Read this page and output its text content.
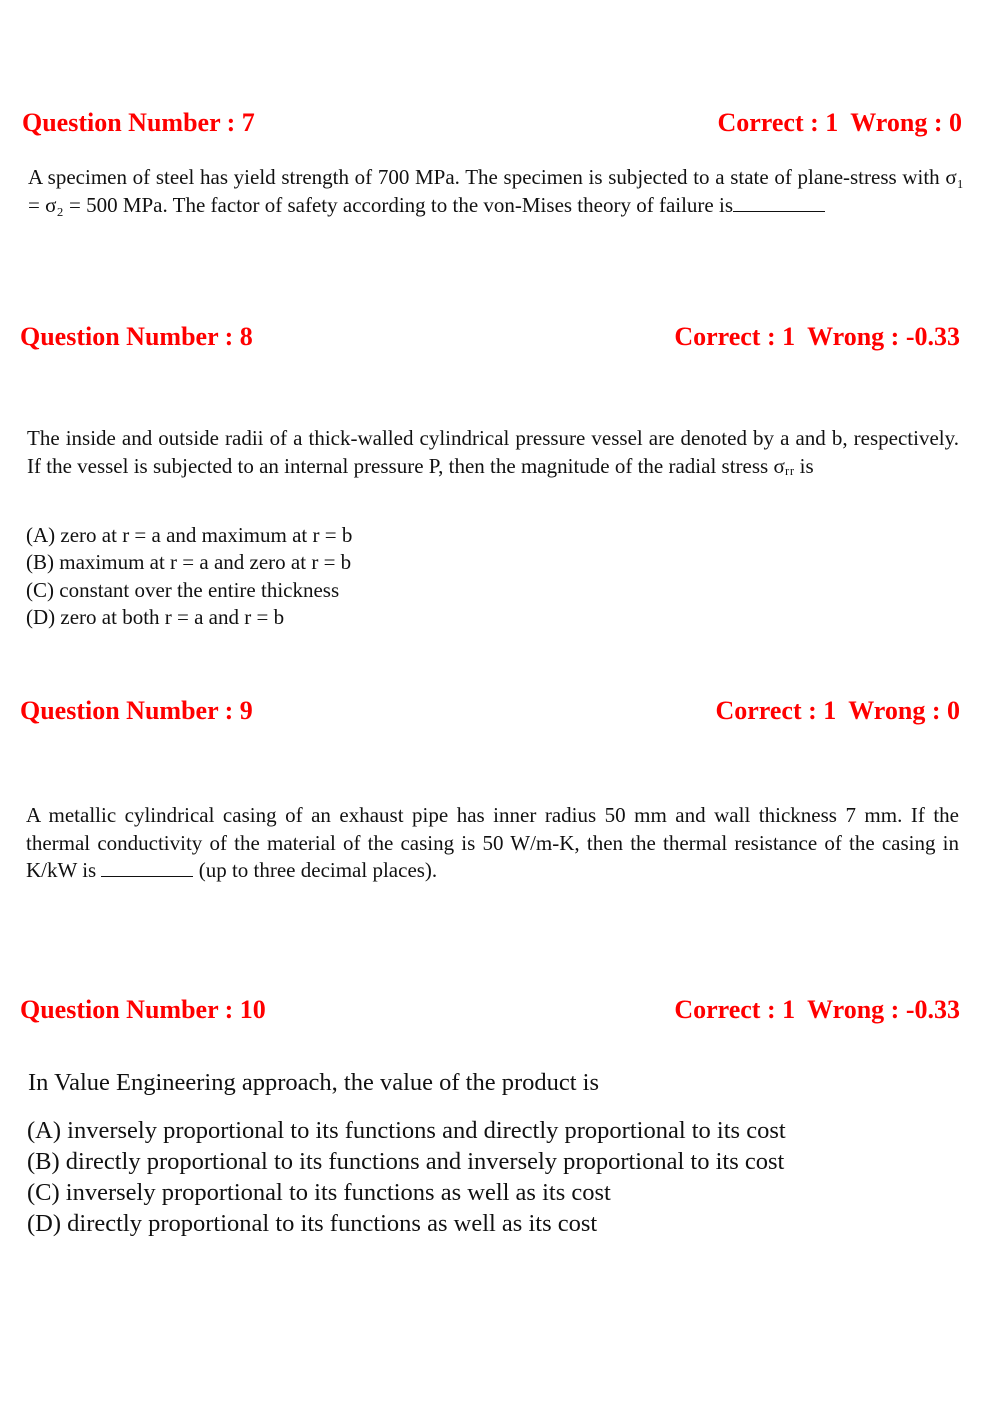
Question Number : 7	Correct : 1 Wrong : 0
A specimen of steel has yield strength of 700 MPa. The specimen is subjected to a state of plane-stress with σ₁ = σ₂ = 500 MPa. The factor of safety according to the von-Mises theory of failure is
Question Number : 8	Correct : 1 Wrong : -0.33
The inside and outside radii of a thick-walled cylindrical pressure vessel are denoted by a and b, respectively. If the vessel is subjected to an internal pressure P, then the magnitude of the radial stress σᵣᵣ is
(A) zero at r = a and maximum at r = b
(B) maximum at r = a and zero at r = b
(C) constant over the entire thickness
(D) zero at both r = a and r = b
Question Number : 9	Correct : 1 Wrong : 0
A metallic cylindrical casing of an exhaust pipe has inner radius 50 mm and wall thickness 7 mm. If the thermal conductivity of the material of the casing is 50 W/m-K, then the thermal resistance of the casing in K/kW is	(up to three decimal places).
Question Number : 10	Correct : 1 Wrong : -0.33
In Value Engineering approach, the value of the product is
(A) inversely proportional to its functions and directly proportional to its cost
(B) directly proportional to its functions and inversely proportional to its cost
(C) inversely proportional to its functions as well as its cost
(D) directly proportional to its functions as well as its cost
